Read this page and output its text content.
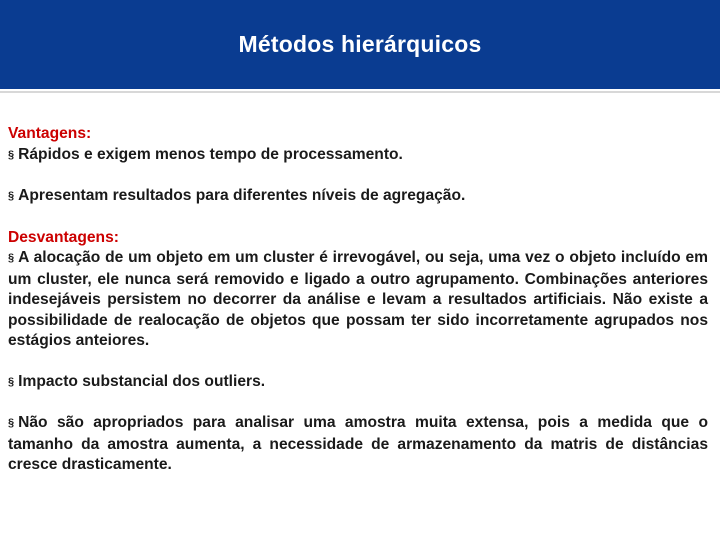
Métodos hierárquicos
Vantagens:
§ Rápidos e exigem menos tempo de processamento.
§ Apresentam resultados para diferentes níveis de agregação.
Desvantagens:
§ A alocação de um objeto em um cluster é irrevogável, ou seja, uma vez o objeto incluído em um cluster, ele nunca será removido e ligado a outro agrupamento. Combinações anteriores indesejáveis persistem no decorrer da análise e levam a resultados artificiais. Não existe a possibilidade de realocação de objetos que possam ter sido incorretamente agrupados nos estágios anteiores.
§ Impacto substancial dos outliers.
§ Não são apropriados para analisar uma amostra muita extensa, pois a medida que o tamanho da amostra aumenta, a necessidade de armazenamento da matris de distâncias cresce drasticamente.
